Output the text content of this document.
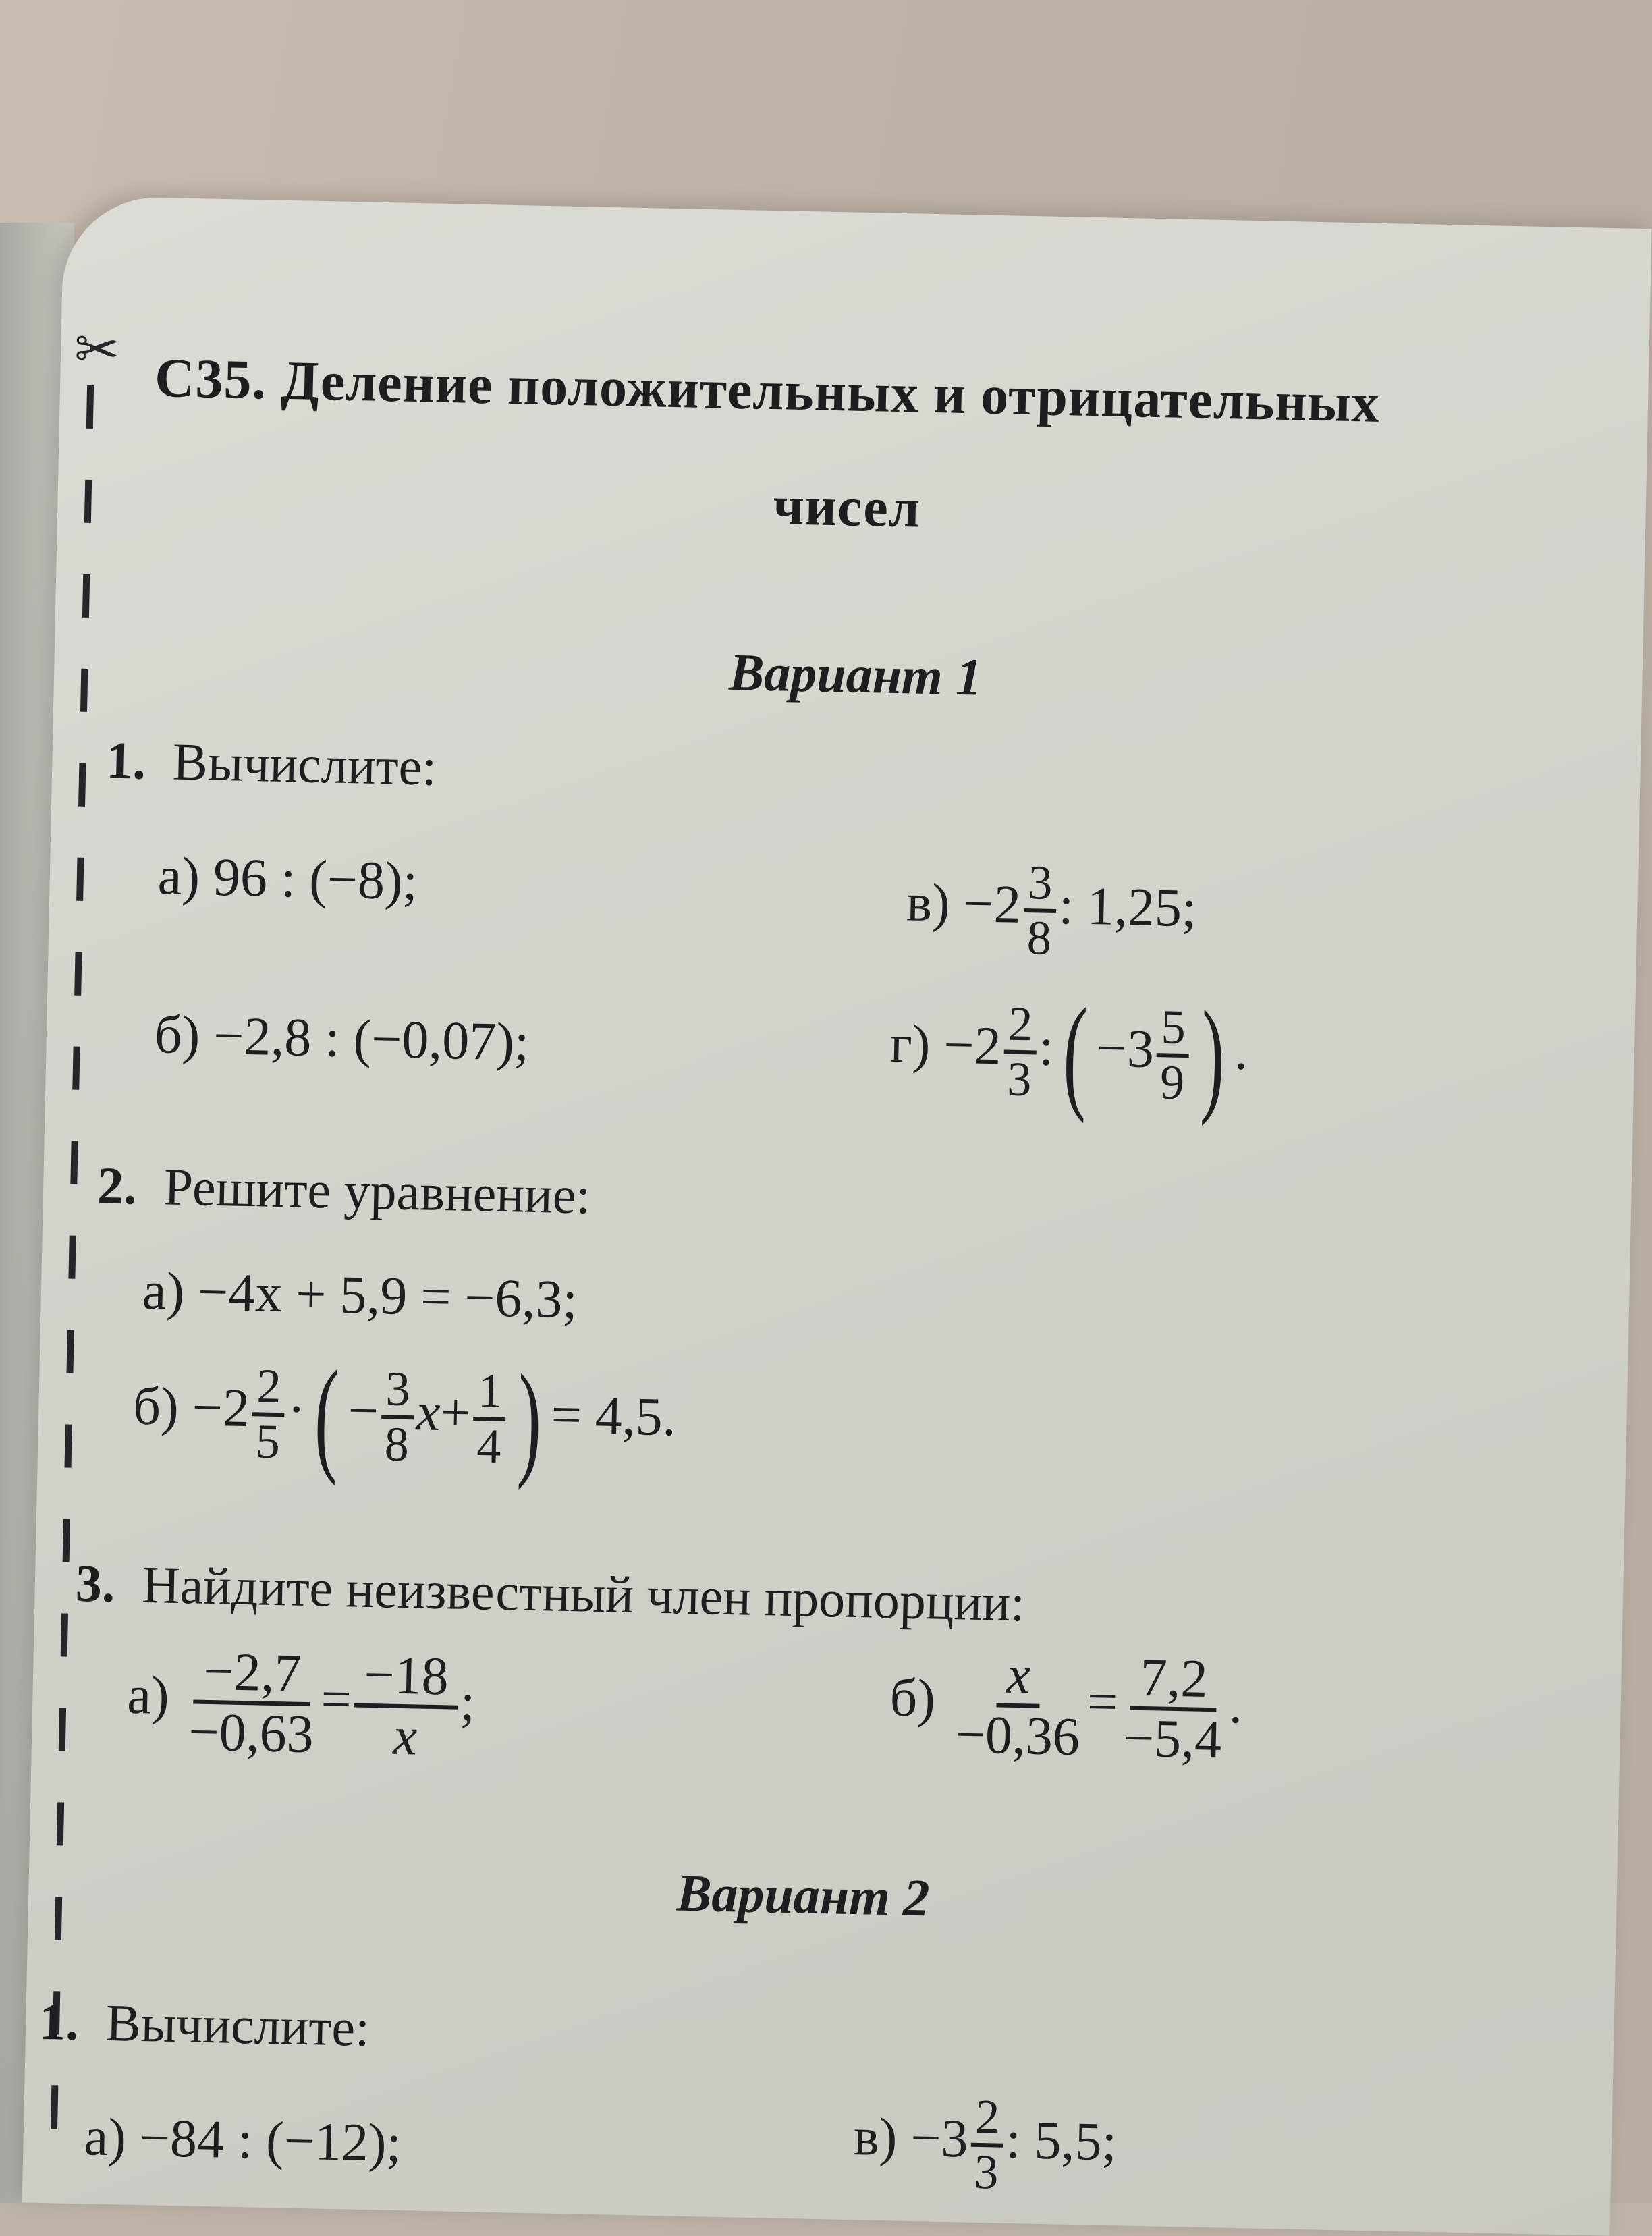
✂ С35. Деление положительных и отрицательных
чисел
Вариант 1
1. Вычислите:
а) 96 : (−8);	$в) -2 \frac{3}{8}$ : 1,25;
б) −2,8 : (−0,07);	$г) -2 \frac{2}{3}$ :( $-3 \frac{5}{9}$ ) .
2. Решите уравнение:
а) −4x + 5,9 = −6,3;
$б) -2 \frac{2}{5}$ ·( − $\frac{3}{8} x+ \frac{1}{4}$ ) = 4,5.
3. Найдите неизвестный член пропорции:
$а) \frac{-2,7}{-0,63} = \frac{-18}{x}$ ;	$б) \frac{x}{-0,36} = \frac{7,2}{-5,4}$ .
Вариант 2
1. Вычислите:
а) −84 : (−12);	$в) -3 \frac{2}{3}$ : 5,5;
